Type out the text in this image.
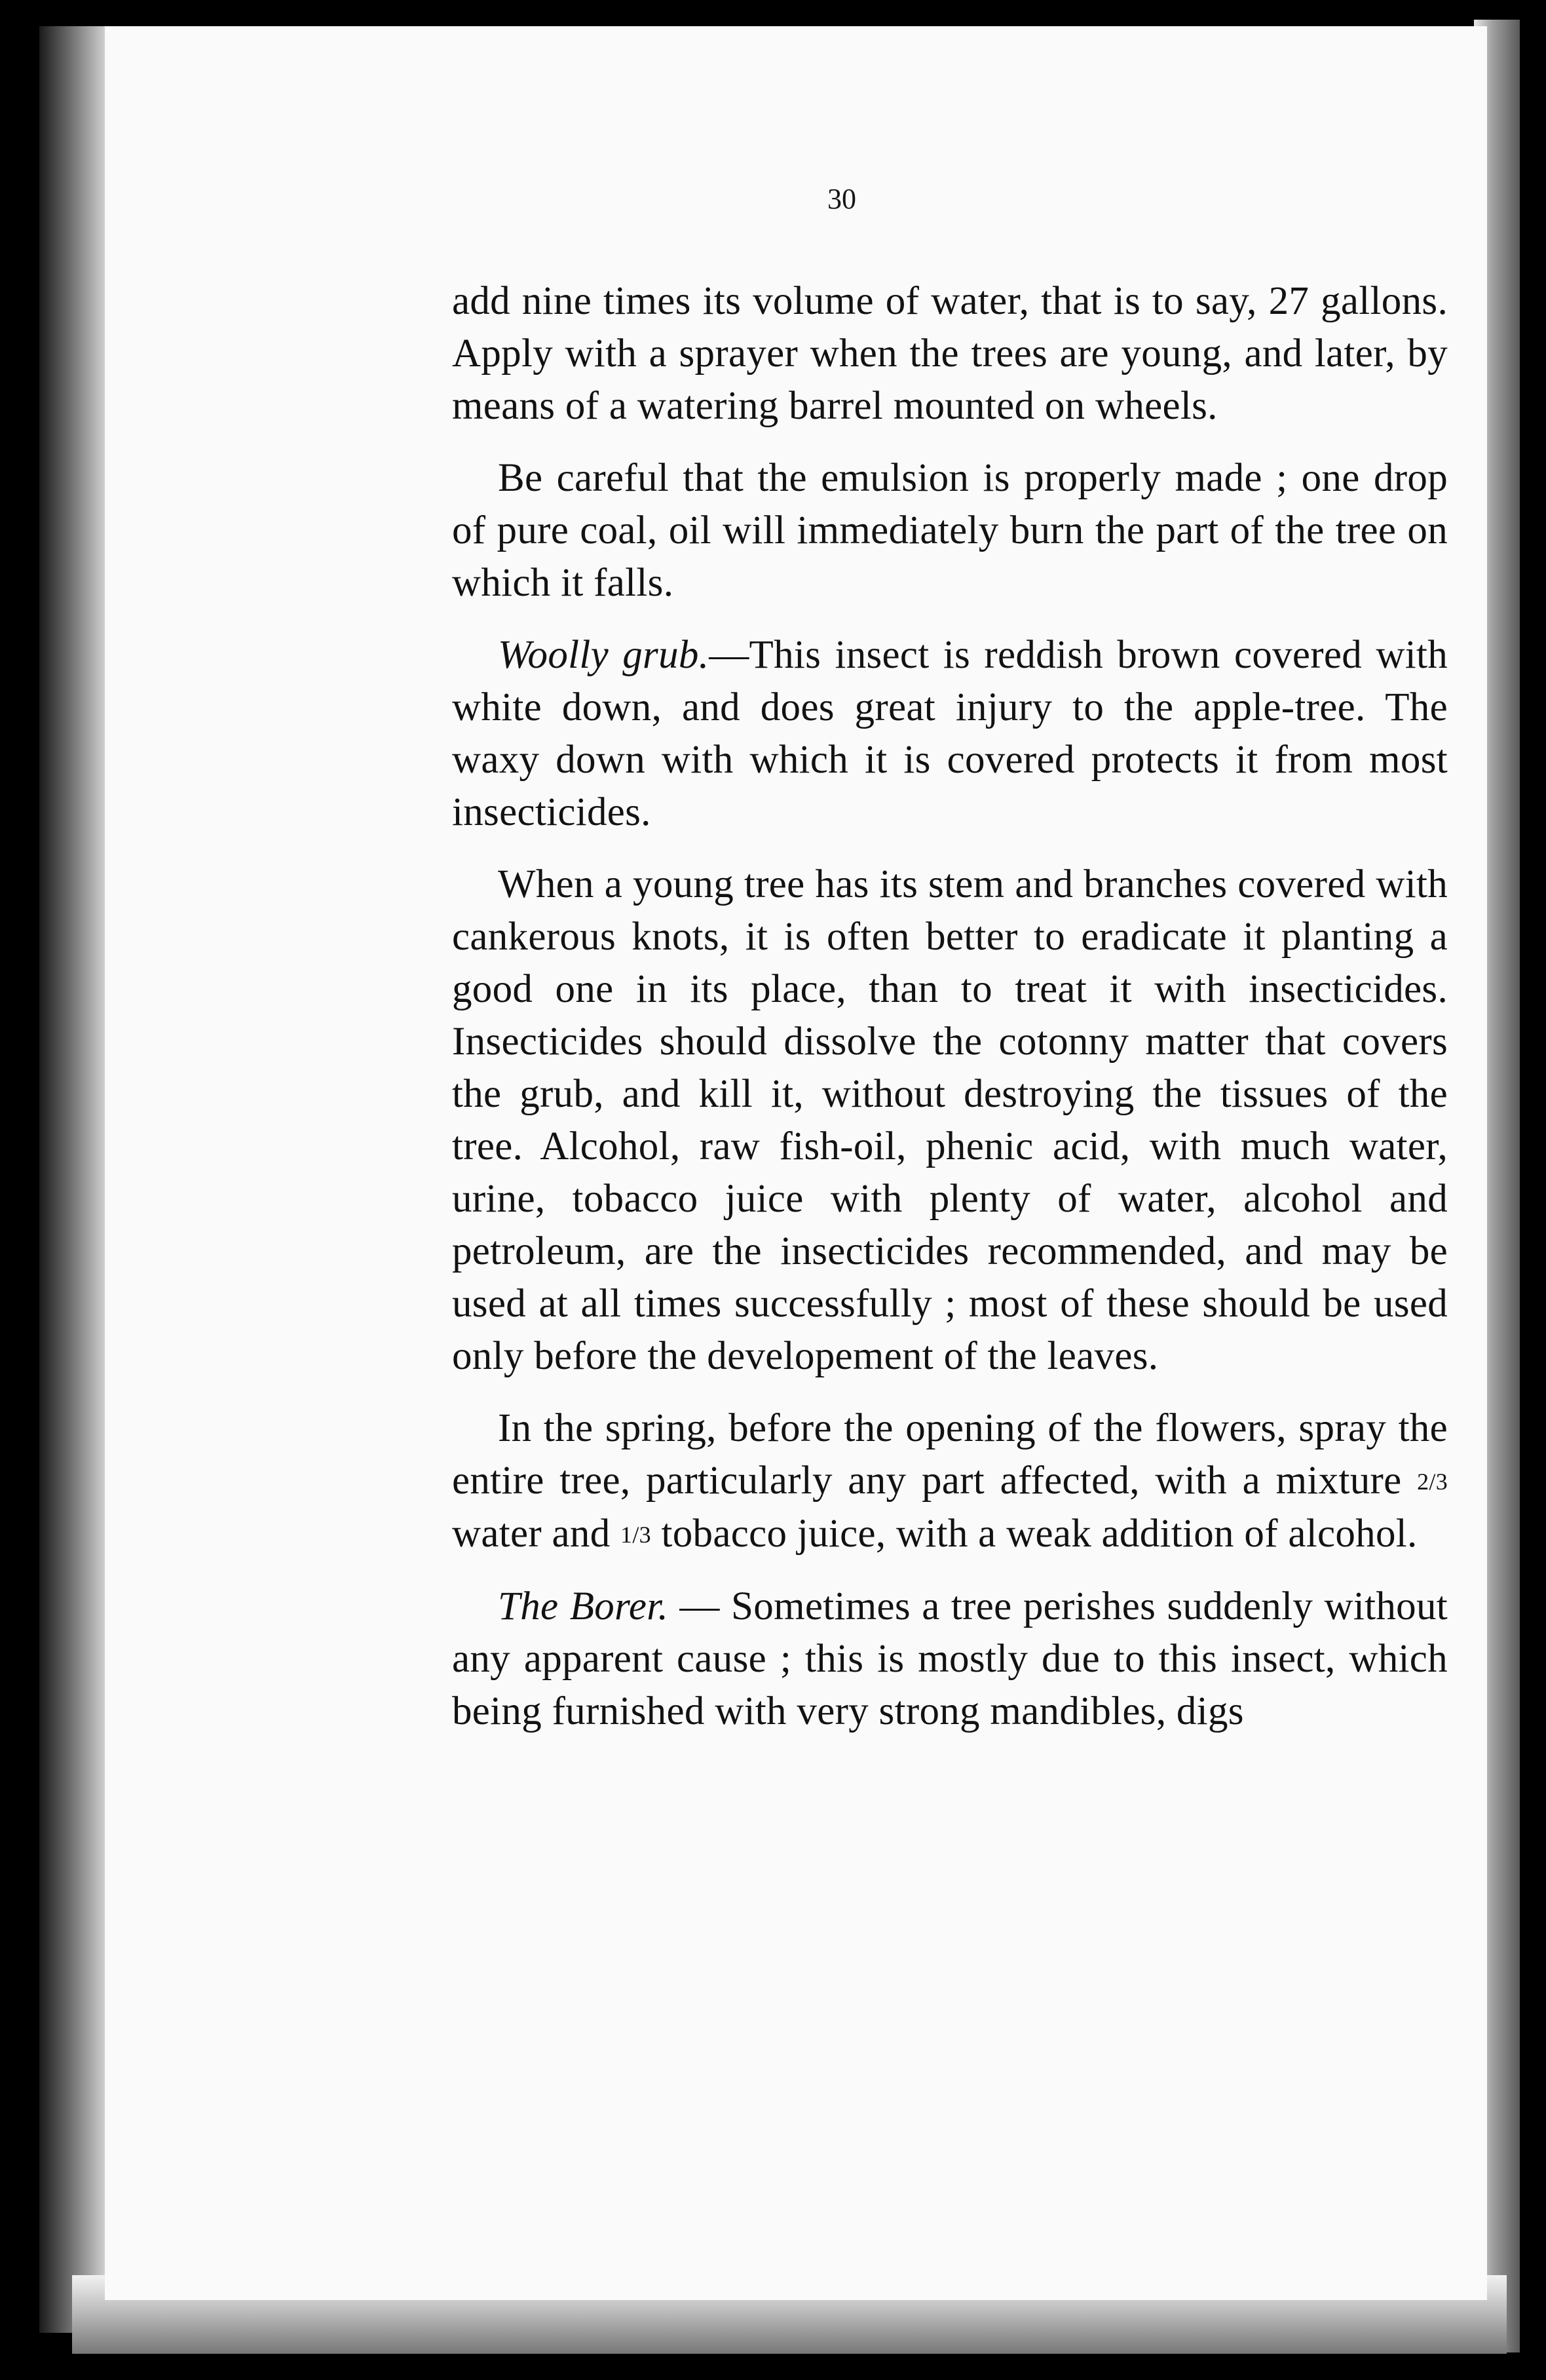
30

add nine times its volume of water, that is to say, 27 gallons. Apply with a sprayer when the trees are young, and later, by means of a watering barrel mounted on wheels.

Be careful that the emulsion is properly made ; one drop of pure coal, oil will immediately burn the part of the tree on which it falls.

Woolly grub.—This insect is reddish brown covered with white down, and does great injury to the apple-tree. The waxy down with which it is covered protects it from most insecticides.

When a young tree has its stem and branches covered with cankerous knots, it is often better to eradicate it planting a good one in its place, than to treat it with insecticides. Insecticides should dissolve the cotonny matter that covers the grub, and kill it, without destroying the tissues of the tree. Alcohol, raw fish-oil, phenic acid, with much water, urine, tobacco juice with plenty of water, alcohol and petroleum, are the insecticides recommended, and may be used at all times successfully ; most of these should be used only before the developement of the leaves.

In the spring, before the opening of the flowers, spray the entire tree, particularly any part affected, with a mixture 2/3 water and 1/3 tobacco juice, with a weak addition of alcohol.

The Borer. — Sometimes a tree perishes suddenly without any apparent cause ; this is mostly due to this insect, which being furnished with very strong mandibles, digs
